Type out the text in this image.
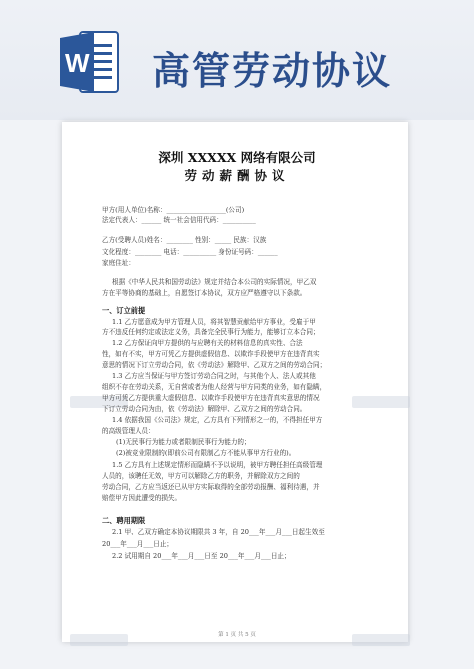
W 高管劳动协议
深圳 XXXXX 网络有限公司
劳动薪酬协议
甲方(用人单位)名称：__________________(公司)
法定代表人：______ 统一社会信用代码：__________
乙方(受聘人员)姓名：________ 性别：_____ 民族：汉族
文化程度：________ 电话：__________ 身份证号码：______
家庭住址：
根据《中华人民共和国劳动法》规定并结合本公司的实际情况，甲乙双
方在平等协商的基础上，自愿签订本协议，双方应严格遵守以下条款。
一、订立前提
1.1 乙方愿意成为甲方管理人员，将其智慧贡献给甲方事业，受雇于甲
方不违反任何约定或法定义务，具备完全民事行为能力，能够订立本合同；
1.2 乙方保证向甲方提供的与应聘有关的材料信息的真实性、合法
性，如有不实，甲方可凭乙方提供虚假信息、以欺诈手段使甲方在违背真实
意思的情况下订立劳动合同，依《劳动法》解除甲、乙双方之间的劳动合同；
1.3 乙方应当保证与甲方签订劳动合同之时，与其他个人、法人或其他
组织不存在劳动关系，无自营或者为他人经营与甲方同类的业务，如有隐瞒，
甲方可凭乙方提供重大虚假信息、以欺诈手段使甲方在违背真实意思的情况
下订立劳动合同为由，依《劳动法》解除甲、乙双方之间的劳动合同。
1.4 依据我国《公司法》规定，乙方具有下列情形之一的，不得担任甲方
的高级管理人员：
(1)无民事行为能力或者限制民事行为能力的；
(2)被竞业限制的(即前公司有限制乙方不能从事甲方行业的)。
1.5 乙方具有上述规定情形而隐瞒不予以说明，被甲方聘任担任高级管理
人员的，该聘任无效，甲方可以解除乙方的职务，并解除双方之间的
劳动合同，乙方应当返还已从甲方实际取得的全部劳动报酬、福利待遇，并
赔偿甲方因此遭受的损失。
二、聘用期限
2.1 甲、乙双方确定本协议期限共 3 年，自 20___年___月___日起生效至
20___年___月___日止；
2.2 试用期自 20___年___月___日至 20___年___月___日止；
第 1 页 共 5 页
